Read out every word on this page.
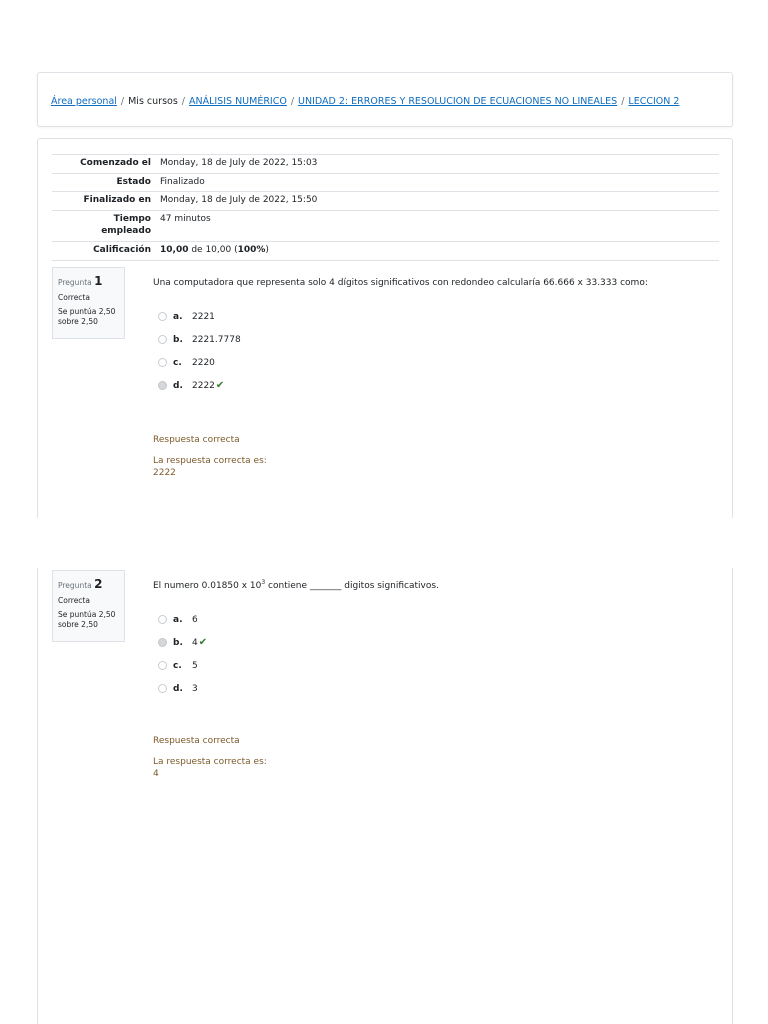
Área personal / Mis cursos / ANÁLISIS NUMÉRICO / UNIDAD 2: ERRORES Y RESOLUCION DE ECUACIONES NO LINEALES / LECCION 2
Comenzado el	Monday, 18 de July de 2022, 15:03
Estado	Finalizado
Finalizado en	Monday, 18 de July de 2022, 15:50
Tiempo empleado	47 minutos
Calificación	10,00 de 10,00 (100%)
Pregunta 1
Correcta
Se puntúa 2,50 sobre 2,50
Una computadora que representa solo 4 dígitos significativos con redondeo calcularía 66.666 x 33.333 como:
a.	2221
b.	2221.7778
c.	2220
d.	2222 ✔
Respuesta correcta
La respuesta correcta es:
2222
Pregunta 2
Correcta
Se puntúa 2,50 sobre 2,50
El numero 0.01850 x $10^3$ contiene _______ digitos significativos.
a.	6
b.	4 ✔
c.	5
d.	3
Respuesta correcta
La respuesta correcta es:
4
